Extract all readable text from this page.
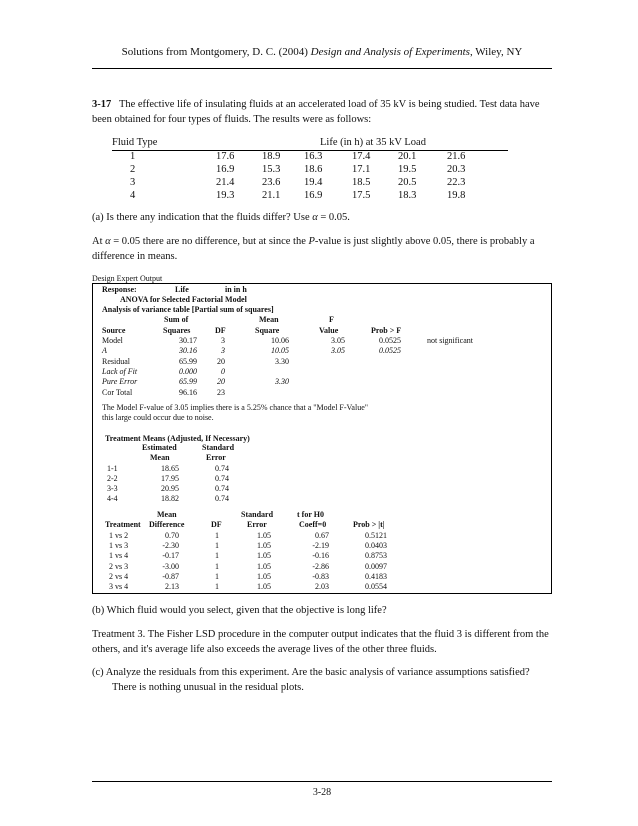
Solutions from Montgomery, D. C. (2004) Design and Analysis of Experiments, Wiley, NY
3-17 The effective life of insulating fluids at an accelerated load of 35 kV is being studied. Test data have been obtained for four types of fluids. The results were as follows:
Fluid Type	Life (in h) at 35 kV Load
1	17.6	18.9 16.3	17.4	20.1	21.6
2	16.9	15.3 18.6	17.1	19.5	20.3
3	21.4	23.6 19.4	18.5	20.5	22.3
4	19.3	21.1 16.9	17.5	18.3	19.8
(a) Is there any indication that the fluids differ? Use α = 0.05.
At α = 0.05 there are no difference, but at since the P-value is just slightly above 0.05, there is probably a difference in means.
Design Expert Output
Response:	Life	in in h
ANOVA for Selected Factorial Model
Analysis of variance table [Partial sum of squares]
Sum of	Mean	F
Source	Squares	DF	Square	Value	Prob > F
Model	30.17	3	10.06	3.05	0.0525	not significant
A	30.16	3	10.05	3.05	0.0525
Residual	65.99	20	3.30
Lack of Fit	0.000	0
Pure Error	65.99	20	3.30
Cor Total	96.16	23
The Model F-value of 3.05 implies there is a 5.25% chance that a "Model F-Value"
this large could occur due to noise.
Treatment Means (Adjusted, If Necessary)
Estimated	Standard
Mean	Error
1-1	18.65	0.74
2-2	17.95	0.74
3-3	20.95	0.74
4-4	18.82	0.74
Mean	Standard	t for H0
Treatment Difference	DF	Error	Coeff=0	Prob > |t|
1 vs 2	0.70	1	1.05	0.67	0.5121
1 vs 3	-2.30	1	1.05	-2.19	0.0403
1 vs 4	-0.17	1	1.05	-0.16	0.8753
2 vs 3	-3.00	1	1.05	-2.86	0.0097
2 vs 4	-0.87	1	1.05	-0.83	0.4183
3 vs 4	2.13	1	1.05	2.03	0.0554
(b) Which fluid would you select, given that the objective is long life?
Treatment 3. The Fisher LSD procedure in the computer output indicates that the fluid 3 is different from the others, and it's average life also exceeds the average lives of the other three fluids.
(c) Analyze the residuals from this experiment. Are the basic analysis of variance assumptions satisfied?
There is nothing unusual in the residual plots.
3-28
